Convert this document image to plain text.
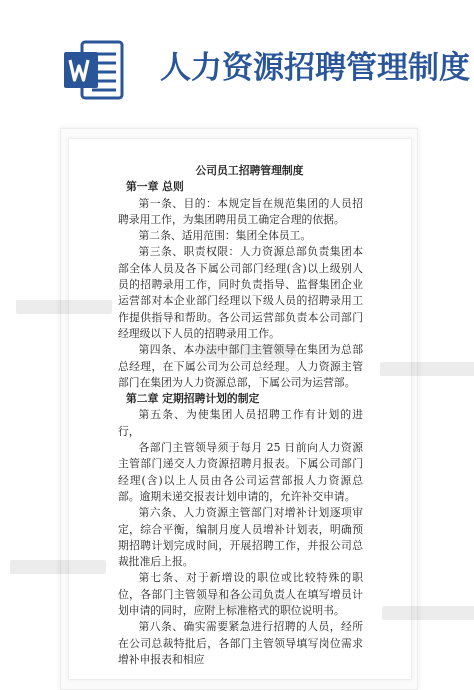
人力资源招聘管理制度

公司员工招聘管理制度

第一章 总则

第一条、目的：本规定旨在规范集团的人员招聘录用工作，为集团聘用员工确定合理的依据。

第二条、适用范围：集团全体员工。

第三条、职责权限：人力资源总部负责集团本部全体人员及各下属公司部门经理(含)以上级别人员的招聘录用工作，同时负责指导、监督集团企业运营部对本企业部门经理以下级人员的招聘录用工作提供指导和帮助。各公司运营部负责本公司部门经理级以下人员的招聘录用工作。

第四条、本办法中部门主管领导在集团为总部总经理，在下属公司为公司总经理。人力资源主管部门在集团为人力资源总部，下属公司为运营部。

第二章 定期招聘计划的制定

第五条、为使集团人员招聘工作有计划的进行，

各部门主管领导须于每月 25 日前向人力资源主管部门递交人力资源招聘月报表。下属公司部门经理(含)以上人员由各公司运营部报人力资源总部。逾期未递交报表计划申请的，允许补交申请。

第六条、人力资源主管部门对增补计划逐项审定，综合平衡，编制月度人员增补计划表，明确预期招聘计划完成时间，开展招聘工作，并报公司总裁批准后上报。

第七条、对于新增设的职位或比较特殊的职位，各部门主管领导和各公司负责人在填写增员计划申请的同时，应附上标准格式的职位说明书。

第八条、确实需要紧急进行招聘的人员，经所在公司总裁特批后，各部门主管领导填写岗位需求增补申报表和相应
